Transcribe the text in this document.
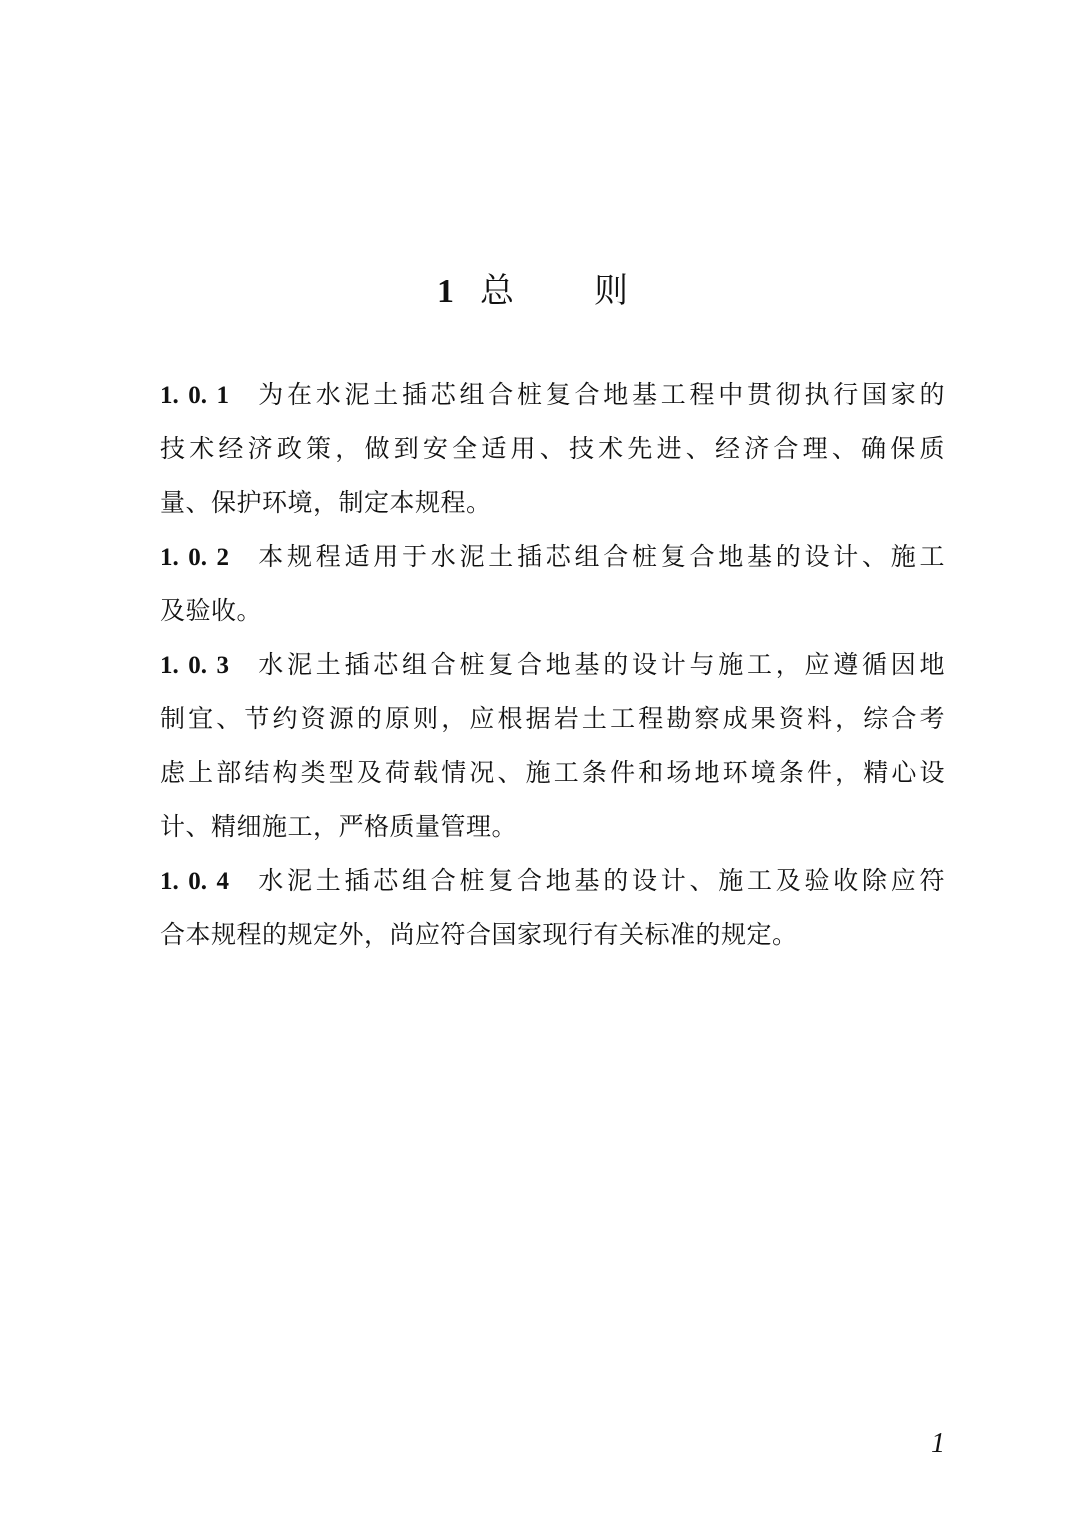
1 总则

1. 0. 1 为在水泥土插芯组合桩复合地基工程中贯彻执行国家的
技术经济政策，做到安全适用、技术先进、经济合理、确保质
量、保护环境，制定本规程。

1. 0. 2 本规程适用于水泥土插芯组合桩复合地基的设计、施工
及验收。

1. 0. 3 水泥土插芯组合桩复合地基的设计与施工，应遵循因地
制宜、节约资源的原则，应根据岩土工程勘察成果资料，综合考
虑上部结构类型及荷载情况、施工条件和场地环境条件，精心设
计、精细施工，严格质量管理。

1. 0. 4 水泥土插芯组合桩复合地基的设计、施工及验收除应符
合本规程的规定外，尚应符合国家现行有关标准的规定。

1
